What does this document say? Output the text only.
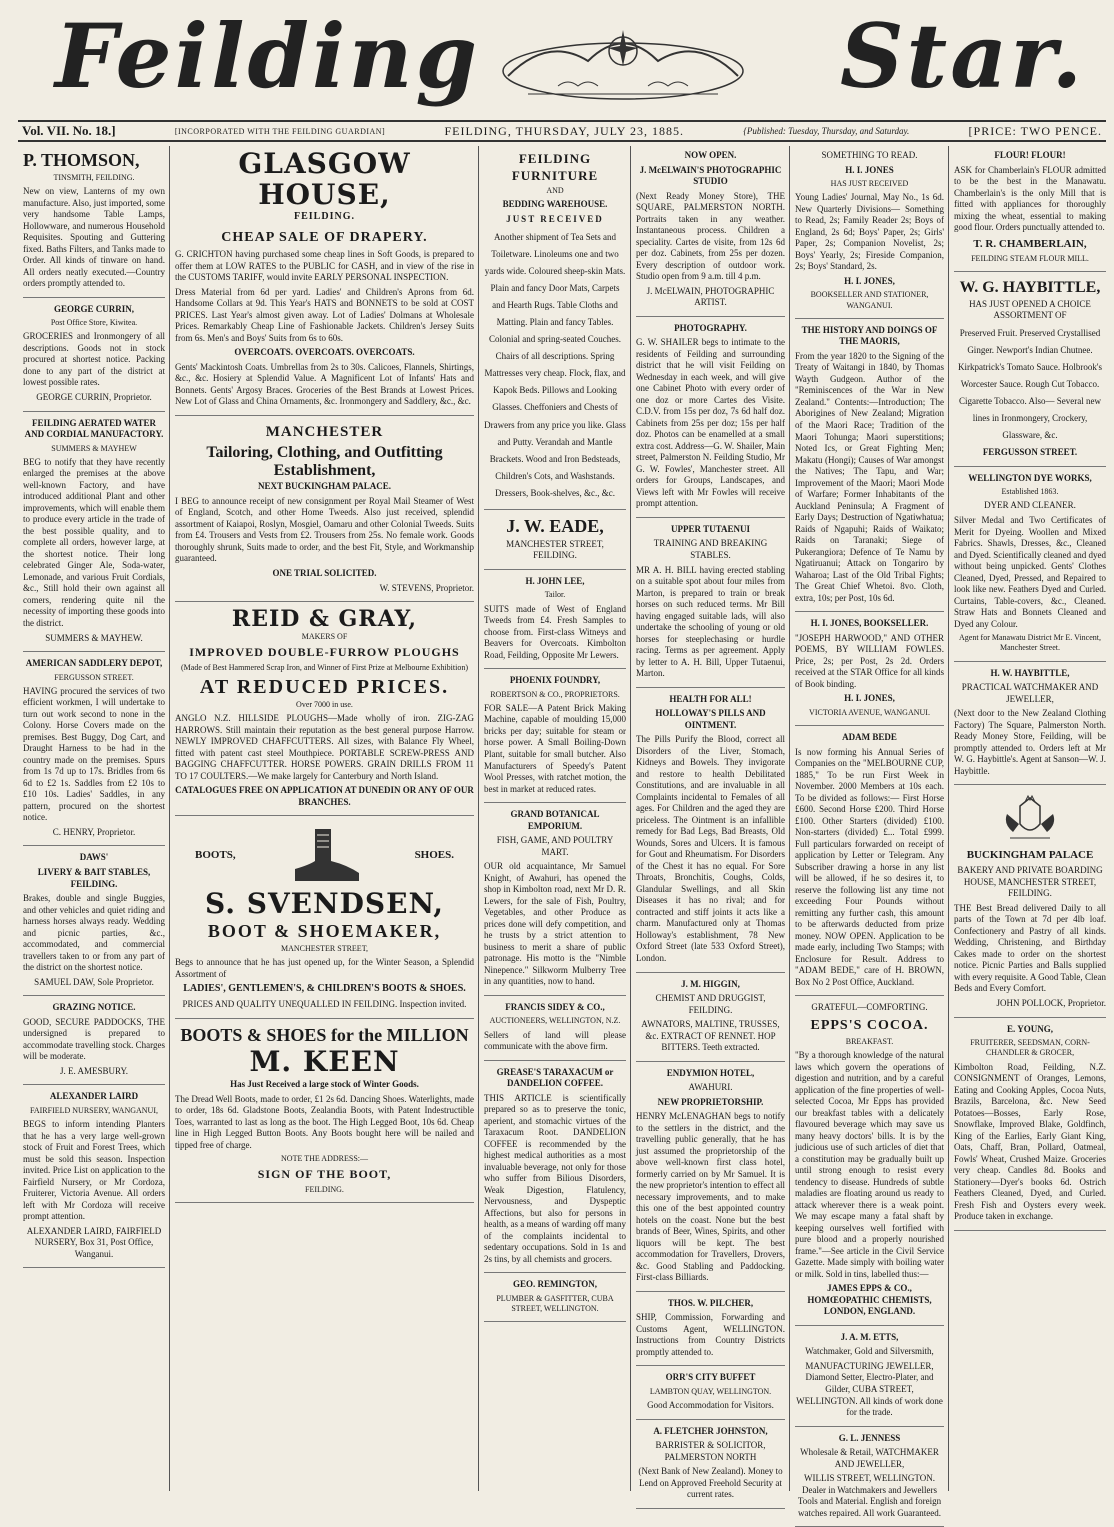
Feilding	Star.
Vol. VII. No. 18.]	[INCORPORATED WITH THE FEILDING GUARDIAN]	FEILDING, THURSDAY, JULY 23, 1885.	{Published: Tuesday, Thursday, and Saturday.	[PRICE: TWO PENCE.
P. THOMSON,

TINSMITH, FEILDING.

New on view, Lanterns of my own manufacture. Also, just imported, some very handsome Table Lamps, Hollowware, and numerous Household Requisites. Spouting and Guttering fixed. Baths Filters, and Tanks made to Order. All kinds of tinware on hand. All orders neatly executed.—Country orders promptly attended to.

GEORGE CURRIN,

Post Office Store, Kiwitea.

GROCERIES and Ironmongery of all descriptions. Goods not in stock procured at shortest notice. Packing done to any part of the district at lowest possible rates.

GEORGE CURRIN, Proprietor.

FEILDING AERATED WATER AND CORDIAL MANUFACTORY.

SUMMERS & MAYHEW

BEG to notify that they have recently enlarged the premises at the above well-known Factory, and have introduced additional Plant and other improvements, which will enable them to produce every article in the trade of the best possible quality, and to complete all orders, however large, at the shortest notice. Their long celebrated Ginger Ale, Soda-water, Lemonade, and various Fruit Cordials, &c., Still hold their own against all comers, rendering quite nil the necessity of importing these goods into the district.

SUMMERS & MAYHEW.

AMERICAN SADDLERY DEPOT,

FERGUSSON STREET.

HAVING procured the services of two efficient workmen, I will undertake to turn out work second to none in the Colony. Horse Covers made on the premises. Best Buggy, Dog Cart, and Draught Harness to be had in the country made on the premises. Spurs from 1s 7d up to 17s. Bridles from 6s 6d to £2 1s. Saddles from £2 10s to £10 10s. Ladies' Saddles, in any pattern, procured on the shortest notice.

C. HENRY, Proprietor.

DAWS'

LIVERY & BAIT STABLES, FEILDING.

Brakes, double and single Buggies, and other vehicles and quiet riding and harness horses always ready. Wedding and picnic parties, &c., accommodated, and commercial travellers taken to or from any part of the district on the shortest notice.

SAMUEL DAW, Sole Proprietor.

GRAZING NOTICE.

GOOD, SECURE PADDOCKS, THE undersigned is prepared to accommodate travelling stock. Charges will be moderate.

J. E. AMESBURY.

ALEXANDER LAIRD

FAIRFIELD NURSERY, WANGANUI,

BEGS to inform intending Planters that he has a very large well-grown stock of Fruit and Forest Trees, which must be sold this season. Inspection invited. Price List on application to the Fairfield Nursery, or Mr Cordoza, Fruiterer, Victoria Avenue. All orders left with Mr Cordoza will receive prompt attention.

ALEXANDER LAIRD, FAIRFIELD NURSERY, Box 31, Post Office, Wanganui.

GLASGOW HOUSE,
FEILDING.
CHEAP SALE OF DRAPERY.

G. CRICHTON having purchased some cheap lines in Soft Goods, is prepared to offer them at LOW RATES to the PUBLIC for CASH, and in view of the rise in the CUSTOMS TARIFF, would invite EARLY PERSONAL INSPECTION.

Dress Material from 6d per yard. Ladies' and Children's Aprons from 6d. Handsome Collars at 9d. This Year's HATS and BONNETS to be sold at COST PRICES. Last Year's almost given away. Lot of Ladies' Dolmans at Wholesale Prices. Remarkably Cheap Line of Fashionable Jackets. Children's Jersey Suits from 6s. Men's and Boys' Suits from 6s to 60s.

OVERCOATS. OVERCOATS. OVERCOATS.

Gents' Mackintosh Coats. Umbrellas from 2s to 30s. Calicoes, Flannels, Shirtings, &c., &c. Hosiery at Splendid Value. A Magnificent Lot of Infants' Hats and Bonnets. Gents' Argosy Braces. Groceries of the Best Brands at Lowest Prices. New Lot of Glass and China Ornaments, &c. Ironmongery and Saddlery, &c., &c.

MANCHESTER
Tailoring, Clothing, and Outfitting Establishment,

NEXT BUCKINGHAM PALACE.

I BEG to announce receipt of new consignment per Royal Mail Steamer of West of England, Scotch, and other Home Tweeds. Also just received, splendid assortment of Kaiapoi, Roslyn, Mosgiel, Oamaru and other Colonial Tweeds. Suits from £4. Trousers and Vests from £2. Trousers from 25s. No female work. Goods thoroughly shrunk, Suits made to order, and the best Fit, Style, and Workmanship guaranteed.

ONE TRIAL SOLICITED.

W. STEVENS, Proprietor.

REID & GRAY,

MAKERS OF

IMPROVED DOUBLE-FURROW PLOUGHS

(Made of Best Hammered Scrap Iron, and Winner of First Prize at Melbourne Exhibition)

AT REDUCED PRICES.

Over 7000 in use.

ANGLO N.Z. HILLSIDE PLOUGHS—Made wholly of iron. ZIG-ZAG HARROWS. Still maintain their reputation as the best general purpose Harrow. NEWLY IMPROVED CHAFFCUTTERS. All sizes, with Balance Fly Wheel, fitted with patent cast steel Mouthpiece. PORTABLE SCREW-PRESS AND BAGGING CHAFFCUTTER. HORSE POWERS. GRAIN DRILLS FROM 11 TO 17 COULTERS.—We make largely for Canterbury and North Island.

CATALOGUES FREE ON APPLICATION AT DUNEDIN OR ANY OF OUR BRANCHES.

BOOTS,	SHOES.
S. SVENDSEN,
BOOT & SHOEMAKER,

MANCHESTER STREET,

Begs to announce that he has just opened up, for the Winter Season, a Splendid Assortment of

LADIES', GENTLEMEN'S, & CHILDREN'S BOOTS & SHOES.

PRICES AND QUALITY UNEQUALLED IN FEILDING. Inspection invited.

BOOTS & SHOES for the MILLION
M. KEEN

Has Just Received a large stock of Winter Goods.

The Dread Well Boots, made to order, £1 2s 6d. Dancing Shoes. Waterlights, made to order, 18s 6d. Gladstone Boots, Zealandia Boots, with Patent Indestructible Toes, warranted to last as long as the boot. The High Legged Boot, 10s 6d. Cheap line in High Legged Button Boots. Any Boots bought here will be nailed and tipped free of charge.

NOTE THE ADDRESS:—

SIGN OF THE BOOT,

FEILDING.

FEILDING FURNITURE

AND

BEDDING WAREHOUSE.

JUST RECEIVED

Another shipment of Tea Sets and Toiletware. Linoleums one and two yards wide. Coloured sheep-skin Mats. Plain and fancy Door Mats, Carpets and Hearth Rugs. Table Cloths and Matting. Plain and fancy Tables. Colonial and spring-seated Couches. Chairs of all descriptions. Spring Mattresses very cheap. Flock, flax, and Kapok Beds. Pillows and Looking Glasses. Cheffoniers and Chests of Drawers from any price you like. Glass and Putty. Verandah and Mantle Brackets. Wood and Iron Bedsteads, Children's Cots, and Washstands. Dressers, Book-shelves, &c., &c.

J. W. EADE,

MANCHESTER STREET, FEILDING.

H. JOHN LEE,

Tailor.

SUITS made of West of England Tweeds from £4. Fresh Samples to choose from. First-class Witneys and Beavers for Overcoats. Kimbolton Road, Feilding, Opposite Mr Lewers.

PHOENIX FOUNDRY,

ROBERTSON & CO., PROPRIETORS.

FOR SALE—A Patent Brick Making Machine, capable of moulding 15,000 bricks per day; suitable for steam or horse power. A Small Boiling-Down Plant, suitable for small butcher. Also Manufacturers of Speedy's Patent Wool Presses, with ratchet motion, the best in market at reduced rates.

GRAND BOTANICAL EMPORIUM.

FISH, GAME, AND POULTRY MART.

OUR old acquaintance, Mr Samuel Knight, of Awahuri, has opened the shop in Kimbolton road, next Mr D. R. Lewers, for the sale of Fish, Poultry, Vegetables, and other Produce as prices done will defy competition, and he trusts by a strict attention to business to merit a share of public patronage. His motto is the "Nimble Ninepence." Silkworm Mulberry Tree in any quantities, now to hand.

FRANCIS SIDEY & CO.,

AUCTIONEERS, WELLINGTON, N.Z.

Sellers of land will please communicate with the above firm.

GREASE'S TARAXACUM or DANDELION COFFEE.

THIS ARTICLE is scientifically prepared so as to preserve the tonic, aperient, and stomachic virtues of the Taraxacum Root. DANDELION COFFEE is recommended by the highest medical authorities as a most invaluable beverage, not only for those who suffer from Bilious Disorders, Weak Digestion, Flatulency, Nervousness, and Dyspeptic Affections, but also for persons in health, as a means of warding off many of the complaints incidental to sedentary occupations. Sold in 1s and 2s tins, by all chemists and grocers.

GEO. REMINGTON,

PLUMBER & GASFITTER, CUBA STREET, WELLINGTON.

NOW OPEN.

J. McELWAIN'S PHOTOGRAPHIC STUDIO

(Next Ready Money Store), THE SQUARE, PALMERSTON NORTH. Portraits taken in any weather. Instantaneous process. Children a speciality. Cartes de visite, from 12s 6d per doz. Cabinets, from 25s per dozen. Every description of outdoor work. Studio open from 9 a.m. till 4 p.m.

J. McELWAIN, PHOTOGRAPHIC ARTIST.

PHOTOGRAPHY.

G. W. SHAILER begs to intimate to the residents of Feilding and surrounding district that he will visit Feilding on Wednesday in each week, and will give one Cabinet Photo with every order of one doz or more Cartes des Visite. C.D.V. from 15s per doz, 7s 6d half doz. Cabinets from 25s per doz; 15s per half doz. Photos can be enamelled at a small extra cost. Address—G. W. Shailer, Main street, Palmerston N. Feilding Studio, Mr G. W. Fowles', Manchester street. All orders for Groups, Landscapes, and Views left with Mr Fowles will receive prompt attention.

UPPER TUTAENUI

TRAINING AND BREAKING STABLES.

MR A. H. BILL having erected stabling on a suitable spot about four miles from Marton, is prepared to train or break horses on such reduced terms. Mr Bill having engaged suitable lads, will also undertake the schooling of young or old horses for steeplechasing or hurdle racing. Terms as per agreement. Apply by letter to A. H. Bill, Upper Tutaenui, Marton.

HEALTH FOR ALL!

HOLLOWAY'S PILLS AND OINTMENT.

The Pills Purify the Blood, correct all Disorders of the Liver, Stomach, Kidneys and Bowels. They invigorate and restore to health Debilitated Constitutions, and are invaluable in all Complaints incidental to Females of all ages. For Children and the aged they are priceless. The Ointment is an infallible remedy for Bad Legs, Bad Breasts, Old Wounds, Sores and Ulcers. It is famous for Gout and Rheumatism. For Disorders of the Chest it has no equal. For Sore Throats, Bronchitis, Coughs, Colds, Glandular Swellings, and all Skin Diseases it has no rival; and for contracted and stiff joints it acts like a charm. Manufactured only at Thomas Holloway's establishment, 78 New Oxford Street (late 533 Oxford Street), London.

J. M. HIGGIN,

CHEMIST AND DRUGGIST, FEILDING.

AWNATORS, MALTINE, TRUSSES, &c. EXTRACT OF RENNET. HOP BITTERS. Teeth extracted.

ENDYMION HOTEL,

AWAHURI.

NEW PROPRIETORSHIP.

HENRY McLENAGHAN begs to notify to the settlers in the district, and the travelling public generally, that he has just assumed the proprietorship of the above well-known first class hotel, formerly carried on by Mr Samuel. It is the new proprietor's intention to effect all necessary improvements, and to make this one of the best appointed country hotels on the coast. None but the best brands of Beer, Wines, Spirits, and other liquors will be kept. The best accommodation for Travellers, Drovers, &c. Good Stabling and Paddocking. First-class Billiards.

THOS. W. PILCHER,

SHIP, Commission, Forwarding and Customs Agent, WELLINGTON. Instructions from Country Districts promptly attended to.

ORR'S CITY BUFFET

LAMBTON QUAY, WELLINGTON.

Good Accommodation for Visitors.

A. FLETCHER JOHNSTON,

BARRISTER & SOLICITOR, PALMERSTON NORTH

(Next Bank of New Zealand). Money to Lend on Approved Freehold Security at current rates.

SOMETHING TO READ.

H. I. JONES

HAS JUST RECEIVED

Young Ladies' Journal, May No., 1s 6d. New Quarterly Divisions— Something to Read, 2s; Family Reader 2s; Boys of England, 2s 6d; Boys' Paper, 2s; Girls' Paper, 2s; Companion Novelist, 2s; Boys' Yearly, 2s; Fireside Companion, 2s; Boys' Standard, 2s.

H. I. JONES,

BOOKSELLER AND STATIONER, WANGANUI.

THE HISTORY AND DOINGS OF THE MAORIS,

From the year 1820 to the Signing of the Treaty of Waitangi in 1840, by Thomas Wayth Gudgeon. Author of the "Reminiscences of the War in New Zealand." Contents:—Introduction; The Aborigines of New Zealand; Migration of the Maori Race; Tradition of the Maori Tohunga; Maori superstitions; Noted Ics, or Great Fighting Men; Makatu (Hongi); Causes of War amongst the Natives; The Tapu, and War; Improvement of the Maori; Maori Mode of Warfare; Former Inhabitants of the Auckland Peninsula; A Fragment of Early Days; Destruction of Ngatiwhatua; Raids of Ngapuhi; Raids of Waikato; Raids on Taranaki; Siege of Pukerangiora; Defence of Te Namu by Ngatiruanui; Attack on Tongariro by Waharoa; Last of the Old Tribal Fights; The Great Chief Whetoi. 8vo. Cloth, extra, 10s; per Post, 10s 6d.

H. I. JONES, BOOKSELLER.

"JOSEPH HARWOOD," AND OTHER POEMS, BY WILLIAM FOWLES. Price, 2s; per Post, 2s 2d. Orders received at the STAR Office for all kinds of Book binding.

H. I. JONES,

VICTORIA AVENUE, WANGANUI.

ADAM BEDE

Is now forming his Annual Series of Companies on the "MELBOURNE CUP, 1885," To be run First Week in November. 2000 Members at 10s each. To be divided as follows:— First Horse £600. Second Horse £200. Third Horse £100. Other Starters (divided) £100. Non-starters (divided) £... Total £999. Full particulars forwarded on receipt of application by Letter or Telegram. Any Subscriber drawing a horse in any list will be allowed, if he so desires it, to reserve the following list any time not exceeding Four Pounds without remitting any further cash, this amount to be afterwards deducted from prize money. NOW OPEN. Application to be made early, including Two Stamps; with Enclosure for Result. Address to "ADAM BEDE," care of H. BROWN, Box No 2 Post Office, Auckland.

GRATEFUL—COMFORTING.

EPPS'S COCOA.

BREAKFAST.

"By a thorough knowledge of the natural laws which govern the operations of digestion and nutrition, and by a careful application of the fine properties of well-selected Cocoa, Mr Epps has provided our breakfast tables with a delicately flavoured beverage which may save us many heavy doctors' bills. It is by the judicious use of such articles of diet that a constitution may be gradually built up until strong enough to resist every tendency to disease. Hundreds of subtle maladies are floating around us ready to attack wherever there is a weak point. We may escape many a fatal shaft by keeping ourselves well fortified with pure blood and a properly nourished frame."—See article in the Civil Service Gazette. Made simply with boiling water or milk. Sold in tins, labelled thus:—

JAMES EPPS & CO., HOMŒOPATHIC CHEMISTS, LONDON, ENGLAND.

J. A. M. ETTS,

Watchmaker, Gold and Silversmith,

MANUFACTURING JEWELLER, Diamond Setter, Electro-Plater, and Gilder, CUBA STREET, WELLINGTON. All kinds of work done for the trade.

G. L. JENNESS

Wholesale & Retail, WATCHMAKER AND JEWELLER,

WILLIS STREET, WELLINGTON. Dealer in Watchmakers and Jewellers Tools and Material. English and foreign watches repaired. All work Guaranteed.

FLOUR! FLOUR!

ASK for Chamberlain's FLOUR admitted to be the best in the Manawatu. Chamberlain's is the only Mill that is fitted with appliances for thoroughly mixing the wheat, essential to making good flour. Orders punctually attended to.

T. R. CHAMBERLAIN,

FEILDING STEAM FLOUR MILL.

W. G. HAYBITTLE,

HAS JUST OPENED A CHOICE ASSORTMENT OF

Preserved Fruit. Preserved Crystallised Ginger. Newport's Indian Chutnee. Kirkpatrick's Tomato Sauce. Holbrook's Worcester Sauce. Rough Cut Tobacco. Cigarette Tobacco. Also— Several new lines in Ironmongery, Crockery, Glassware, &c.

FERGUSSON STREET.

WELLINGTON DYE WORKS,

Established 1863.

DYER AND CLEANER.

Silver Medal and Two Certificates of Merit for Dyeing. Woollen and Mixed Fabrics. Shawls, Dresses, &c., Cleaned and Dyed. Scientifically cleaned and dyed without being unpicked. Gents' Clothes Cleaned, Dyed, Pressed, and Repaired to look like new. Feathers Dyed and Curled. Curtains, Table-covers, &c., Cleaned. Straw Hats and Bonnets Cleaned and Dyed any Colour.

Agent for Manawatu District Mr E. Vincent, Manchester Street.

H. W. HAYBITTLE,

PRACTICAL WATCHMAKER AND JEWELLER,

(Next door to the New Zealand Clothing Factory) The Square, Palmerston North. Ready Money Store, Feilding, will be promptly attended to. Orders left at Mr W. G. Haybittle's. Agent at Sanson—W. J. Haybittle.

BUCKINGHAM PALACE

BAKERY AND PRIVATE BOARDING HOUSE, MANCHESTER STREET, FEILDING.

THE Best Bread delivered Daily to all parts of the Town at 7d per 4lb loaf. Confectionery and Pastry of all kinds. Wedding, Christening, and Birthday Cakes made to order on the shortest notice. Picnic Parties and Balls supplied with every requisite. A Good Table, Clean Beds and Every Comfort.

JOHN POLLOCK, Proprietor.

E. YOUNG,

FRUITERER, SEEDSMAN, CORN-CHANDLER & GROCER,

Kimbolton Road, Feilding, N.Z. CONSIGNMENT of Oranges, Lemons, Eating and Cooking Apples, Cocoa Nuts, Brazils, Barcelona, &c. New Seed Potatoes—Bosses, Early Rose, Snowflake, Improved Blake, Goldfinch, King of the Earlies, Early Giant King, Oats, Chaff, Bran, Pollard, Oatmeal, Fowls' Wheat, Crushed Maize. Groceries very cheap. Candles 8d. Books and Stationery—Dyer's books 6d. Ostrich Feathers Cleaned, Dyed, and Curled. Fresh Fish and Oysters every week. Produce taken in exchange.
